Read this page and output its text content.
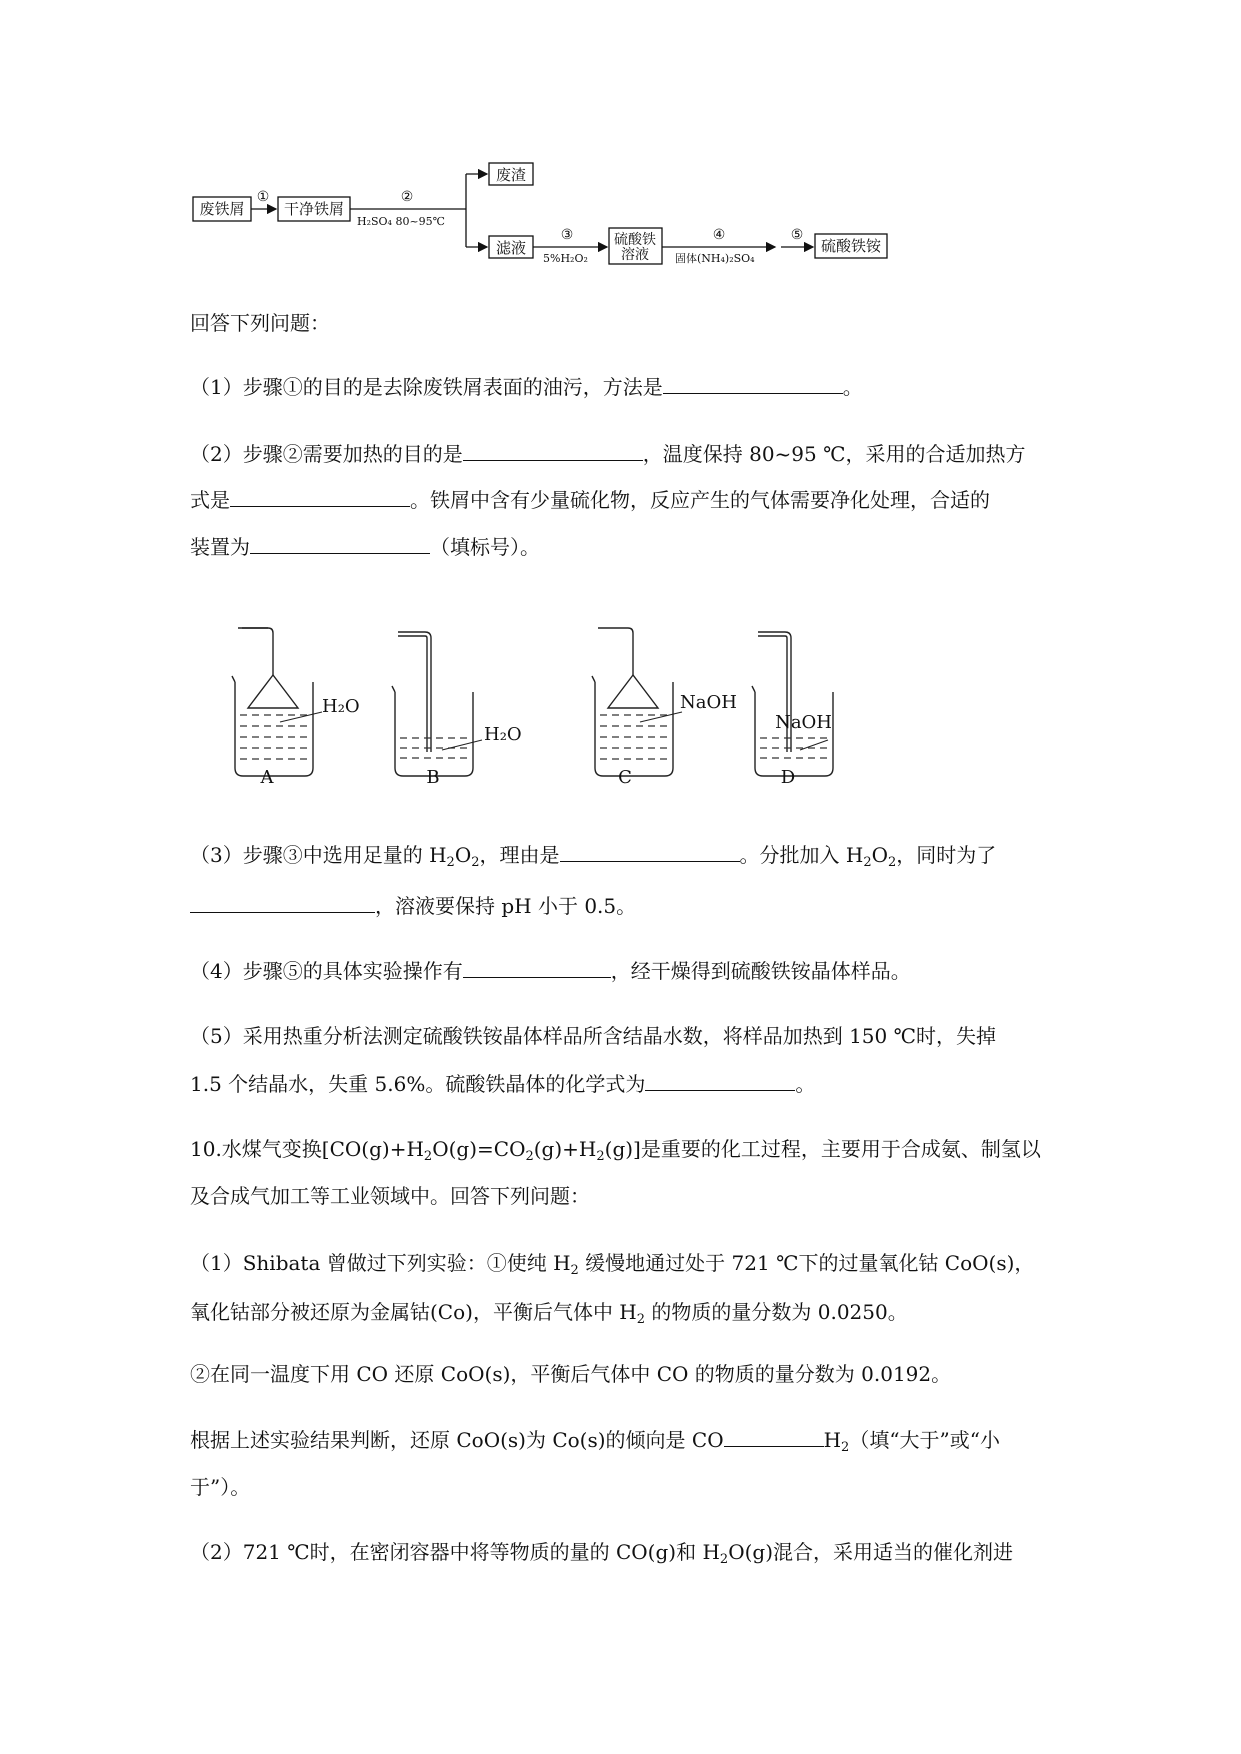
废铁屑	干净铁屑
废渣
滤液	硫酸铁
溶液	硫酸铁铵
①	②
③	④	⑤
H₂SO₄ 80~95℃
5%H₂O₂	固体(NH₄)₂SO₄
回答下列问题：
（1）步骤①的目的是去除废铁屑表面的油污，方法是	。
（2）步骤②需要加热的目的是	，温度保持 80~95 ℃，采用的合适加热方
式是	。铁屑中含有少量硫化物，反应产生的气体需要净化处理，合适的
装置为	（填标号）。
H₂O
H₂O
NaOH
NaOH
A	B	C	D
（3）步骤③中选用足量的 $H_2O_2$，理由是	。分批加入 $H_2O_2$，同时为了
，溶液要保持 pH 小于 0.5。
（4）步骤⑤的具体实验操作有	，经干燥得到硫酸铁铵晶体样品。
（5）采用热重分析法测定硫酸铁铵晶体样品所含结晶水数，将样品加热到 150 ℃时，失掉
1.5 个结晶水，失重 5.6%。硫酸铁晶体的化学式为	。
10.水煤气变换$[CO(g)+H_2O(g)=CO_2(g)+H_2(g)]$是重要的化工过程，主要用于合成氨、制氢以
及合成气加工等工业领域中。回答下列问题：
（1）Shibata 曾做过下列实验：①使纯 $H_2$ 缓慢地通过处于 721 ℃下的过量氧化钴 CoO(s)，
氧化钴部分被还原为金属钴(Co)，平衡后气体中 $H_2$ 的物质的量分数为 0.0250。
②在同一温度下用 CO 还原 CoO(s)，平衡后气体中 CO 的物质的量分数为 0.0192。
根据上述实验结果判断，还原 CoO(s)为 Co(s)的倾向是 CO	$H_2$（填“大于”或“小
于”）。
（2）721 ℃时，在密闭容器中将等物质的量的 CO(g)和 $H_2O(g)$混合，采用适当的催化剂进
